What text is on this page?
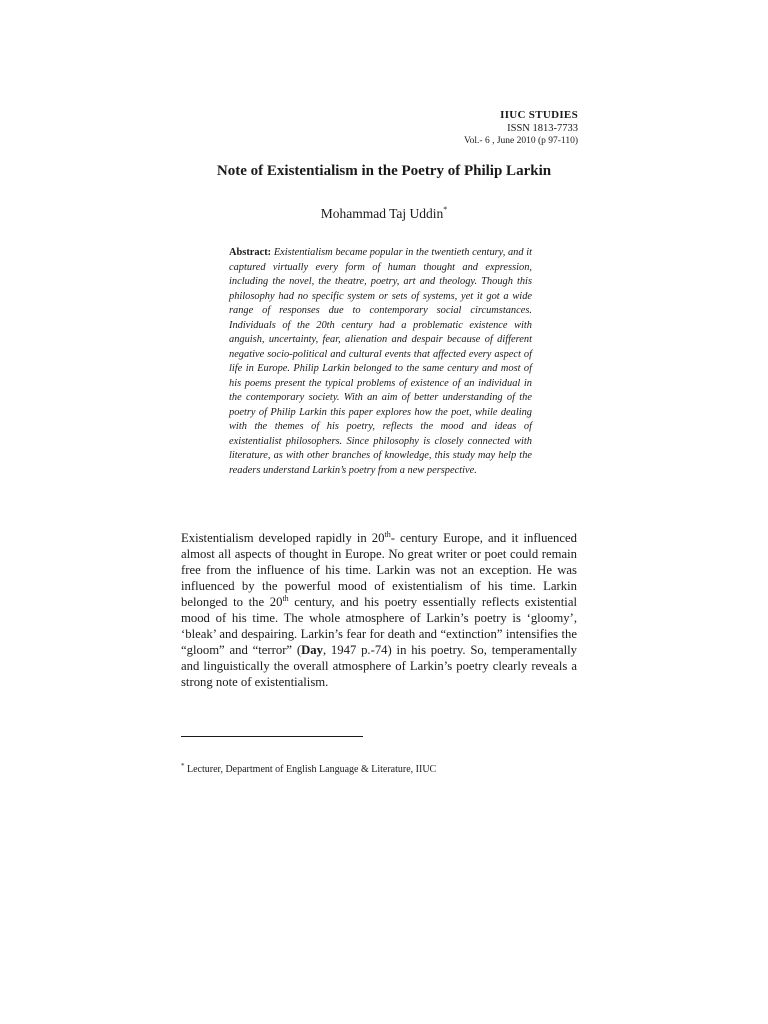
IIUC STUDIES
ISSN 1813-7733
Vol.- 6 , June 2010 (p 97-110)
Note of Existentialism in the Poetry of Philip Larkin
Mohammad Taj Uddin*
Abstract: Existentialism became popular in the twentieth century, and it captured virtually every form of human thought and expression, including the novel, the theatre, poetry, art and theology. Though this philosophy had no specific system or sets of systems, yet it got a wide range of responses due to contemporary social circumstances. Individuals of the 20th century had a problematic existence with anguish, uncertainty, fear, alienation and despair because of different negative socio-political and cultural events that affected every aspect of life in Europe. Philip Larkin belonged to the same century and most of his poems present the typical problems of existence of an individual in the contemporary society. With an aim of better understanding of the poetry of Philip Larkin this paper explores how the poet, while dealing with the themes of his poetry, reflects the mood and ideas of existentialist philosophers. Since philosophy is closely connected with literature, as with other branches of knowledge, this study may help the readers understand Larkin’s poetry from a new perspective.
Existentialism developed rapidly in 20th- century Europe, and it influenced almost all aspects of thought in Europe. No great writer or poet could remain free from the influence of his time. Larkin was not an exception. He was influenced by the powerful mood of existentialism of his time. Larkin belonged to the 20th century, and his poetry essentially reflects existential mood of his time. The whole atmosphere of Larkin’s poetry is ‘gloomy’, ‘bleak’ and despairing. Larkin’s fear for death and “extinction” intensifies the “gloom” and “terror” (Day, 1947 p.-74) in his poetry. So, temperamentally and linguistically the overall atmosphere of Larkin’s poetry clearly reveals a strong note of existentialism.
* Lecturer, Department of English Language & Literature, IIUC
